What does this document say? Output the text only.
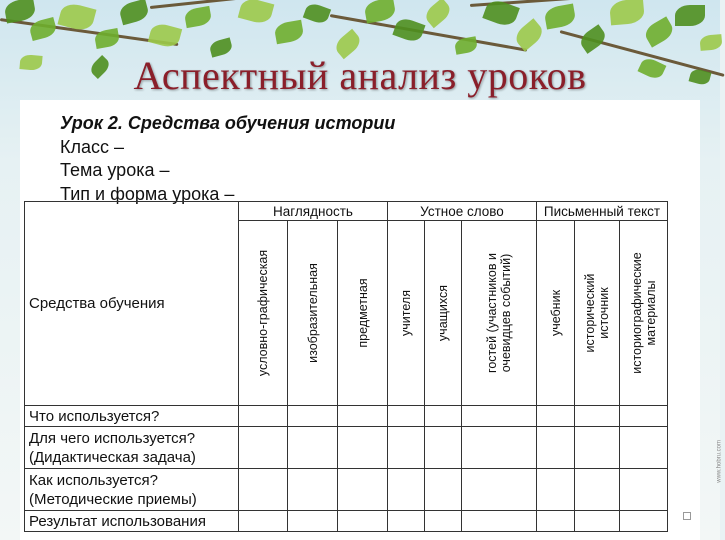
Аспектный анализ уроков
Урок 2. Средства обучения истории
Класс –
Тема урока –
Тип и форма урока –
Средства обучения	Наглядность			Устное слово			Письменный текст		

	условно-графическая	изобразительная	предметная	учителя	учащихся	гостей (участников и очевидцев событий)	учебник	исторический источник	историографические материалы

Что используется?									
Для чего используется? (Дидактическая задача)									
Как используется? (Методические приемы)									
Результат использования									
www.hobru.com
